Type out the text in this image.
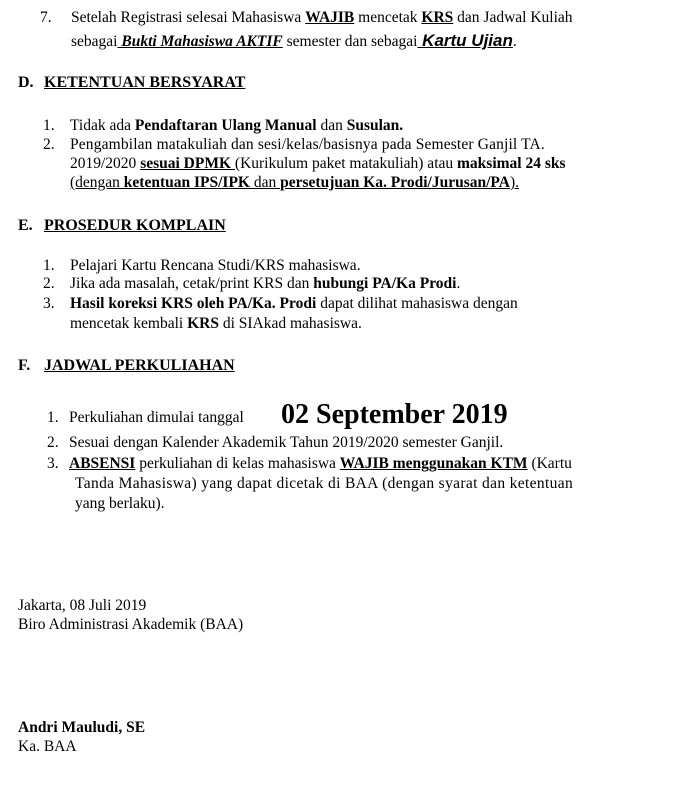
7. Setelah Registrasi selesai Mahasiswa WAJIB mencetak KRS dan Jadwal Kuliah
sebagai Bukti Mahasiswa AKTIF semester dan sebagai Kartu Ujian.
D. KETENTUAN BERSYARAT
1. Tidak ada Pendaftaran Ulang Manual dan Susulan.
2. Pengambilan matakuliah dan sesi/kelas/basisnya pada Semester Ganjil TA.
2019/2020 sesuai DPMK (Kurikulum paket matakuliah) atau maksimal 24 sks
(dengan ketentuan IPS/IPK dan persetujuan Ka. Prodi/Jurusan/PA).
E. PROSEDUR KOMPLAIN
1. Pelajari Kartu Rencana Studi/KRS mahasiswa.
2. Jika ada masalah, cetak/print KRS dan hubungi PA/Ka Prodi.
3. Hasil koreksi KRS oleh PA/Ka. Prodi dapat dilihat mahasiswa dengan
mencetak kembali KRS di SIAkad mahasiswa.
F. JADWAL PERKULIAHAN
1. Perkuliahan dimulai tanggal 02 September 2019
2. Sesuai dengan Kalender Akademik Tahun 2019/2020 semester Ganjil.
3. ABSENSI perkuliahan di kelas mahasiswa WAJIB menggunakan KTM (Kartu
Tanda Mahasiswa) yang dapat dicetak di BAA (dengan syarat dan ketentuan
yang berlaku).
Jakarta, 08 Juli 2019
Biro Administrasi Akademik (BAA)
Andri Mauludi, SE
Ka. BAA
